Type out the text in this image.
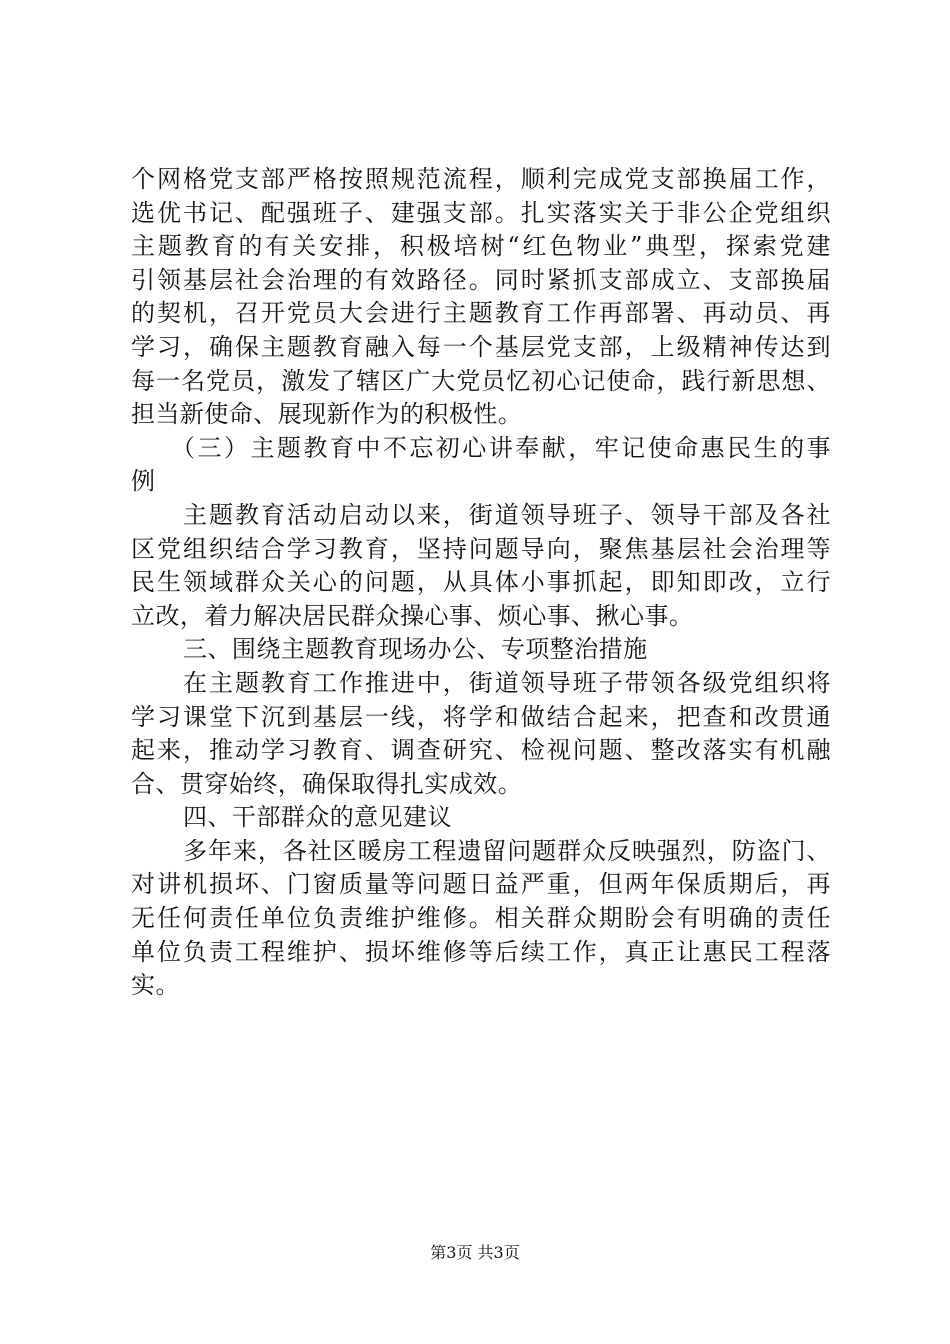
个网格党支部严格按照规范流程，顺利完成党支部换届工作，
选优书记、配强班子、建强支部。扎实落实关于非公企党组织
主题教育的有关安排，积极培树“红色物业”典型，探索党建
引领基层社会治理的有效路径。同时紧抓支部成立、支部换届
的契机，召开党员大会进行主题教育工作再部署、再动员、再
学习，确保主题教育融入每一个基层党支部，上级精神传达到
每一名党员，激发了辖区广大党员忆初心记使命，践行新思想、
担当新使命、展现新作为的积极性。
（三）主题教育中不忘初心讲奉献，牢记使命惠民生的事
例
主题教育活动启动以来，街道领导班子、领导干部及各社
区党组织结合学习教育，坚持问题导向，聚焦基层社会治理等
民生领域群众关心的问题，从具体小事抓起，即知即改，立行
立改，着力解决居民群众操心事、烦心事、揪心事。
三、围绕主题教育现场办公、专项整治措施
在主题教育工作推进中，街道领导班子带领各级党组织将
学习课堂下沉到基层一线，将学和做结合起来，把查和改贯通
起来，推动学习教育、调查研究、检视问题、整改落实有机融
合、贯穿始终，确保取得扎实成效。
四、干部群众的意见建议
多年来，各社区暖房工程遗留问题群众反映强烈，防盗门、
对讲机损坏、门窗质量等问题日益严重，但两年保质期后，再
无任何责任单位负责维护维修。相关群众期盼会有明确的责任
单位负责工程维护、损坏维修等后续工作，真正让惠民工程落
实。
第3页 共3页
